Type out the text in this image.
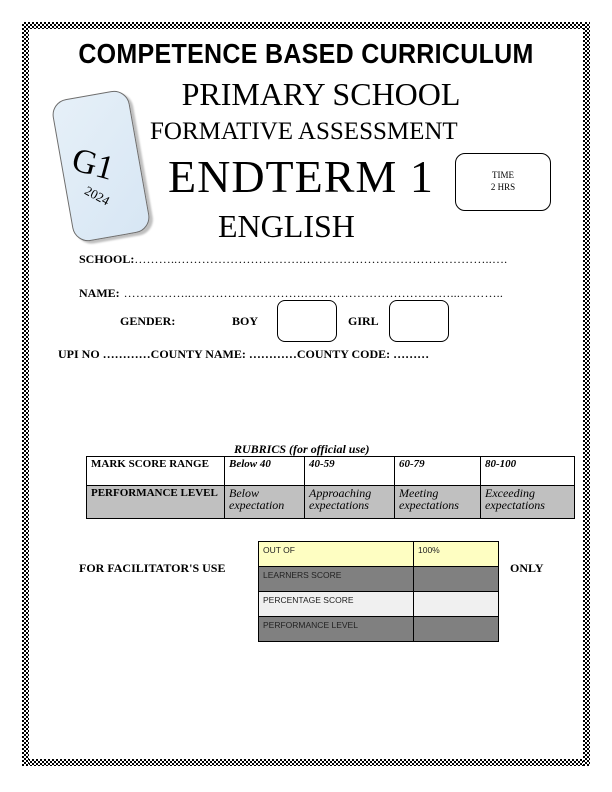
COMPETENCE BASED CURRICULUM
PRIMARY SCHOOL
FORMATIVE ASSESSMENT
ENDTERM 1
ENGLISH
G1
2024
TIME
2 HRS
SCHOOL:………..………………………….………………………………………..….
NAME: ……………..……………………….………………………………...………..
GENDER:	BOY	GIRL
UPI NO …………COUNTY NAME: …………COUNTY CODE: ………
RUBRICS (for official use)
MARK SCORE RANGE	Below 40	40-59	60-79	80-100
PERFORMANCE LEVEL	Below expectation	Approaching expectations	Meeting expectations	Exceeding expectations
FOR FACILITATOR'S USE	ONLY
OUT OF	100%
LEARNERS SCORE	
PERCENTAGE SCORE	
PERFORMANCE LEVEL	
